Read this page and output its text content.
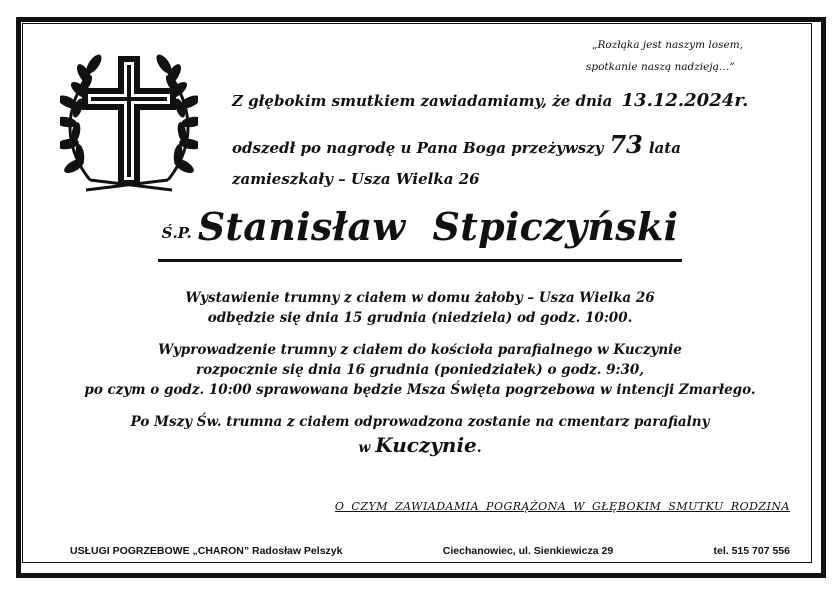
„Rozłąka jest naszym losem,
spotkanie naszą nadzieją…”
Z głębokim smutkiem zawiadamiamy, że dnia 13.12.2024r.
odszedł po nagrodę u Pana Boga przeżywszy 73 lata
zamieszkały – Usza Wielka 26
Ś.P. Stanisław  Stpiczyński
Wystawienie trumny z ciałem w domu żałoby – Usza Wielka 26
odbędzie się dnia 15 grudnia (niedziela) od godz. 10:00.
Wyprowadzenie trumny z ciałem do kościoła parafialnego w Kuczynie
rozpocznie się dnia 16 grudnia (poniedziałek) o godz. 9:30,
po czym o godz. 10:00 sprawowana będzie Msza Święta pogrzebowa w intencji Zmarłego.
Po Mszy Św. trumna z ciałem odprowadzona zostanie na cmentarz parafialny
w Kuczynie.
O CZYM ZAWIADAMIA POGRĄŻONA W GŁĘBOKIM SMUTKU RODZINA
USŁUGI POGRZEBOWE „CHARON” Radosław Pelszyk	Ciechanowiec, ul. Sienkiewicza 29	tel. 515 707 556
